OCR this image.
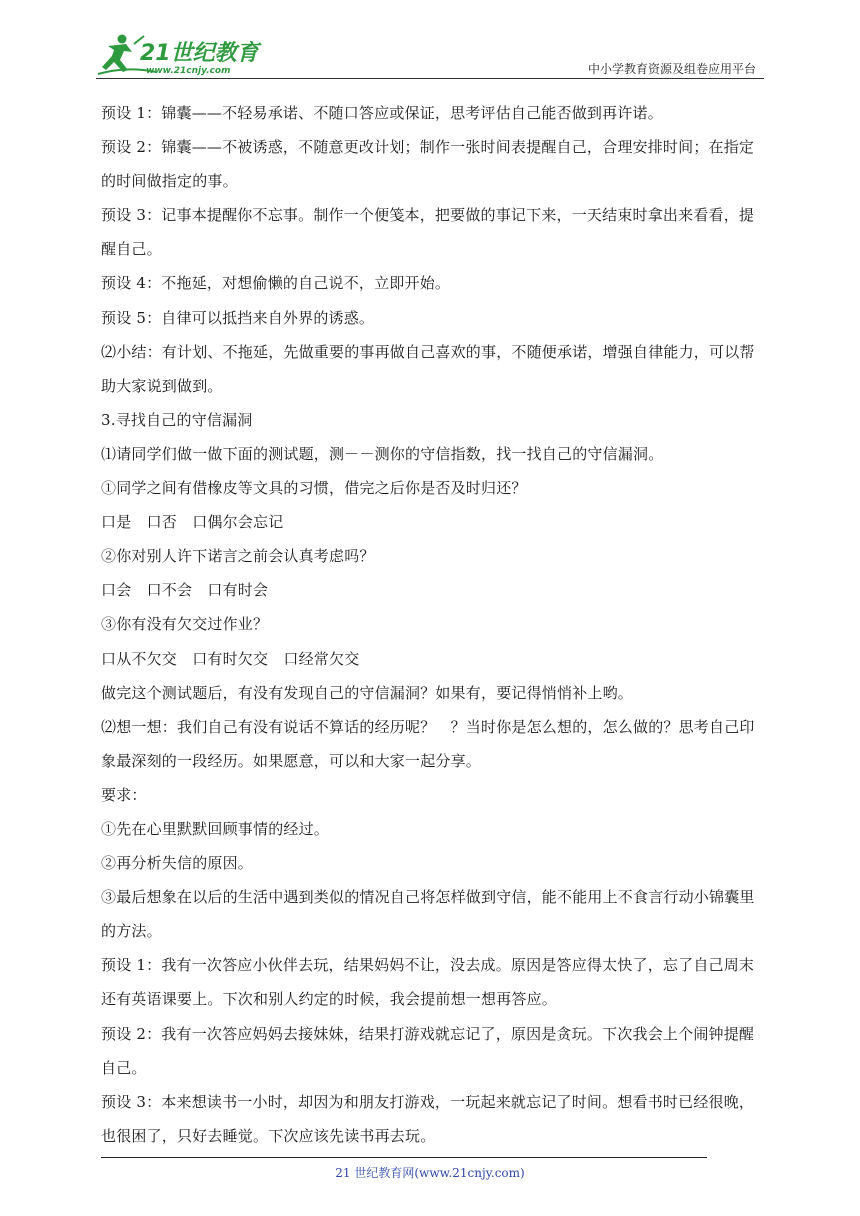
21世纪教育
www.21cnjy.com	中小学教育资源及组卷应用平台

预设 1：锦囊——不轻易承诺、不随口答应或保证，思考评估自己能否做到再许诺。

预设 2：锦囊——不被诱惑，不随意更改计划；制作一张时间表提醒自己，合理安排时间；在指定的时间做指定的事。

预设 3：记事本提醒你不忘事。制作一个便笺本，把要做的事记下来，一天结束时拿出来看看，提醒自己。

预设 4：不拖延，对想偷懒的自己说不，立即开始。

预设 5：自律可以抵挡来自外界的诱惑。

⑵小结：有计划、不拖延，先做重要的事再做自己喜欢的事，不随便承诺，增强自律能力，可以帮助大家说到做到。

3.寻找自己的守信漏洞

⑴请同学们做一做下面的测试题，测－－测你的守信指数，找一找自己的守信漏洞。

①同学之间有借橡皮等文具的习惯，借完之后你是否及时归还？

口是　口否　口偶尔会忘记

②你对别人许下诺言之前会认真考虑吗？

口会　口不会　口有时会

③你有没有欠交过作业？

口从不欠交　口有时欠交　口经常欠交

做完这个测试题后，有没有发现自己的守信漏洞？如果有，要记得悄悄补上哟。

⑵想一想：我们自己有没有说话不算话的经历呢？　？当时你是怎么想的，怎么做的？思考自己印象最深刻的一段经历。如果愿意，可以和大家一起分享。

要求：

①先在心里默默回顾事情的经过。

②再分析失信的原因。

③最后想象在以后的生活中遇到类似的情况自己将怎样做到守信，能不能用上不食言行动小锦囊里的方法。

预设 1：我有一次答应小伙伴去玩，结果妈妈不让，没去成。原因是答应得太快了，忘了自己周末还有英语课要上。下次和别人约定的时候，我会提前想一想再答应。

预设 2：我有一次答应妈妈去接妹妹，结果打游戏就忘记了，原因是贪玩。下次我会上个闹钟提醒自己。

预设 3：本来想读书一小时，却因为和朋友打游戏，一玩起来就忘记了时间。想看书时已经很晚，也很困了，只好去睡觉。下次应该先读书再去玩。

21 世纪教育网(www.21cnjy.com)
